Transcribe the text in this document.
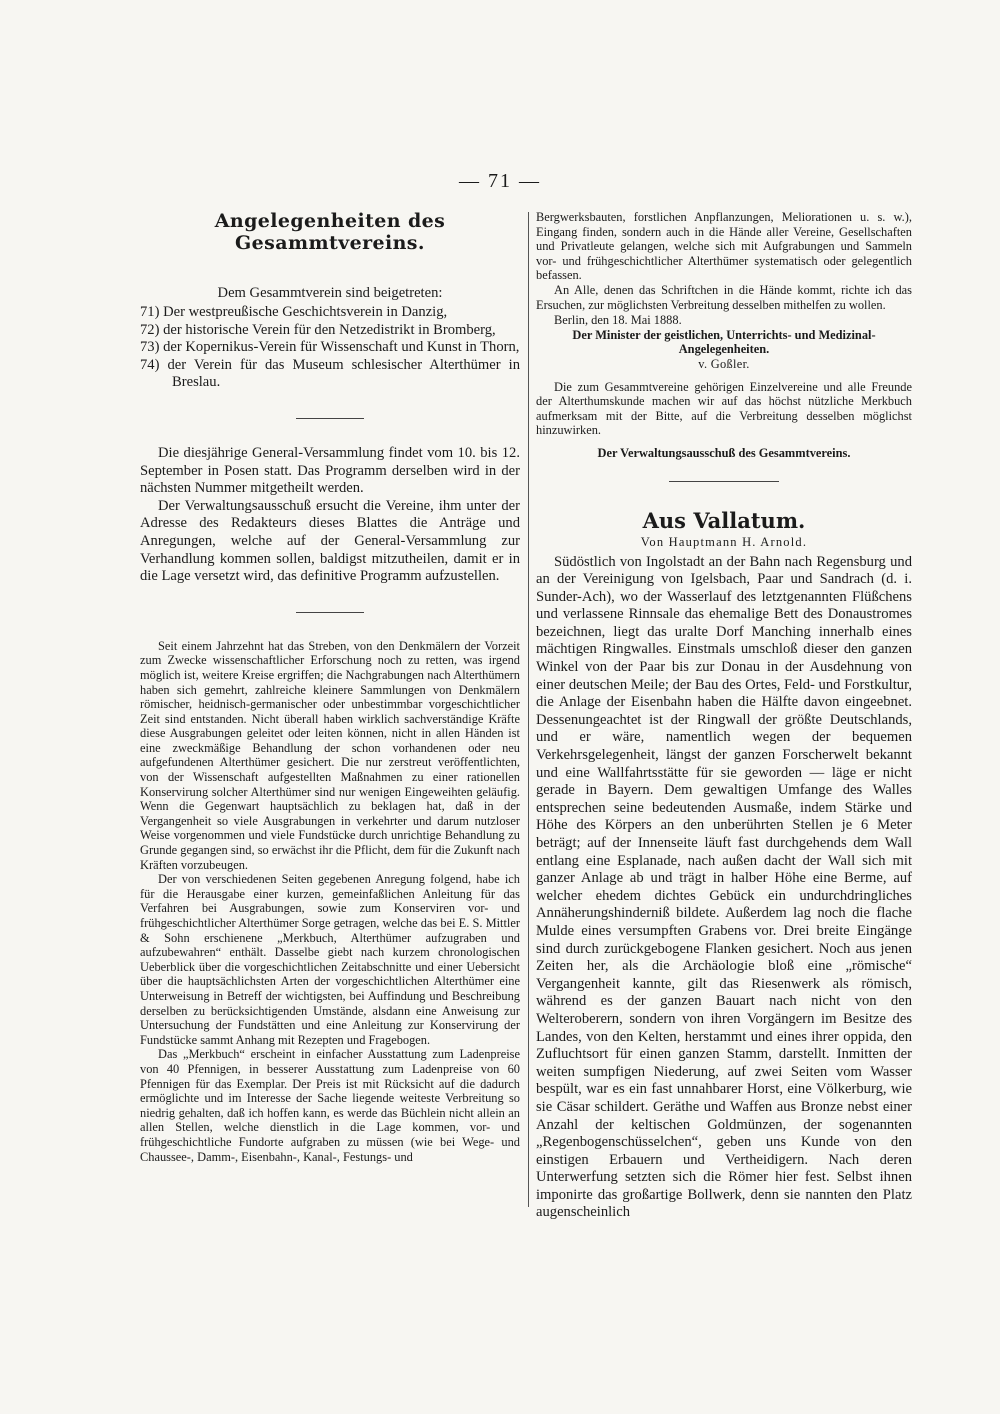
— 71 —
Angelegenheiten des Gesammtvereins.
Dem Gesammtverein sind beigetreten:
71) Der westpreußische Geschichtsverein in Danzig,
72) der historische Verein für den Netzedistrikt in Bromberg,
73) der Kopernikus-Verein für Wissenschaft und Kunst in Thorn,
74) der Verein für das Museum schlesischer Alterthümer in Breslau.

Die diesjährige General-Versammlung findet vom 10. bis 12. September in Posen statt. Das Programm derselben wird in der nächsten Nummer mitgetheilt werden.

Der Verwaltungsausschuß ersucht die Vereine, ihm unter der Adresse des Redakteurs dieses Blattes die Anträge und Anregungen, welche auf der General-Versammlung zur Verhandlung kommen sollen, baldigst mitzutheilen, damit er in die Lage versetzt wird, das definitive Programm aufzustellen.

Seit einem Jahrzehnt hat das Streben, von den Denkmälern der Vorzeit zum Zwecke wissenschaftlicher Erforschung noch zu retten, was irgend möglich ist, weitere Kreise ergriffen; die Nachgrabungen nach Alterthümern haben sich gemehrt, zahlreiche kleinere Sammlungen von Denkmälern römischer, heidnisch-germanischer oder unbestimmbar vorgeschichtlicher Zeit sind entstanden. Nicht überall haben wirklich sachverständige Kräfte diese Ausgrabungen geleitet oder leiten können, nicht in allen Händen ist eine zweckmäßige Behandlung der schon vorhandenen oder neu aufgefundenen Alterthümer gesichert. Die nur zerstreut veröffentlichten, von der Wissenschaft aufgestellten Maßnahmen zu einer rationellen Konservirung solcher Alterthümer sind nur wenigen Eingeweihten geläufig. Wenn die Gegenwart hauptsächlich zu beklagen hat, daß in der Vergangenheit so viele Ausgrabungen in verkehrter und darum nutzloser Weise vorgenommen und viele Fundstücke durch unrichtige Behandlung zu Grunde gegangen sind, so erwächst ihr die Pflicht, dem für die Zukunft nach Kräften vorzubeugen.

Der von verschiedenen Seiten gegebenen Anregung folgend, habe ich für die Herausgabe einer kurzen, gemeinfaßlichen Anleitung für das Verfahren bei Ausgrabungen, sowie zum Konserviren vor- und frühgeschichtlicher Alterthümer Sorge getragen, welche das bei E. S. Mittler & Sohn erschienene „Merkbuch, Alterthümer aufzugraben und aufzubewahren“ enthält. Dasselbe giebt nach kurzem chronologischen Ueberblick über die vorgeschichtlichen Zeitabschnitte und einer Uebersicht über die hauptsächlichsten Arten der vorgeschichtlichen Alterthümer eine Unterweisung in Betreff der wichtigsten, bei Auffindung und Beschreibung derselben zu berücksichtigenden Umstände, alsdann eine Anweisung zur Untersuchung der Fundstätten und eine Anleitung zur Konservirung der Fundstücke sammt Anhang mit Rezepten und Fragebogen.

Das „Merkbuch“ erscheint in einfacher Ausstattung zum Ladenpreise von 40 Pfennigen, in besserer Ausstattung zum Ladenpreise von 60 Pfennigen für das Exemplar. Der Preis ist mit Rücksicht auf die dadurch ermöglichte und im Interesse der Sache liegende weiteste Verbreitung so niedrig gehalten, daß ich hoffen kann, es werde das Büchlein nicht allein an allen Stellen, welche dienstlich in die Lage kommen, vor- und frühgeschichtliche Fundorte aufgraben zu müssen (wie bei Wege- und Chaussee-, Damm-, Eisenbahn-, Kanal-, Festungs- und

Bergwerksbauten, forstlichen Anpflanzungen, Meliorationen u. s. w.), Eingang finden, sondern auch in die Hände aller Vereine, Gesellschaften und Privatleute gelangen, welche sich mit Aufgrabungen und Sammeln vor- und frühgeschichtlicher Alterthümer systematisch oder gelegentlich befassen.

An Alle, denen das Schriftchen in die Hände kommt, richte ich das Ersuchen, zur möglichsten Verbreitung desselben mithelfen zu wollen.

Berlin, den 18. Mai 1888.
Der Minister der geistlichen, Unterrichts- und Medizinal-Angelegenheiten.
v. Goßler.

Die zum Gesammtvereine gehörigen Einzelvereine und alle Freunde der Alterthumskunde machen wir auf das höchst nützliche Merkbuch aufmerksam mit der Bitte, auf die Verbreitung desselben möglichst hinzuwirken.

Der Verwaltungsausschuß des Gesammtvereins.
Aus Vallatum.
Von Hauptmann H. Arnold.

Südöstlich von Ingolstadt an der Bahn nach Regensburg und an der Vereinigung von Igelsbach, Paar und Sandrach (d. i. Sunder-Ach), wo der Wasserlauf des letztgenannten Flüßchens und verlassene Rinnsale das ehemalige Bett des Donaustromes bezeichnen, liegt das uralte Dorf Manching innerhalb eines mächtigen Ringwalles. Einstmals umschloß dieser den ganzen Winkel von der Paar bis zur Donau in der Ausdehnung von einer deutschen Meile; der Bau des Ortes, Feld- und Forstkultur, die Anlage der Eisenbahn haben die Hälfte davon eingeebnet. Dessenungeachtet ist der Ringwall der größte Deutschlands, und er wäre, namentlich wegen der bequemen Verkehrsgelegenheit, längst der ganzen Forscherwelt bekannt und eine Wallfahrtsstätte für sie geworden — läge er nicht gerade in Bayern. Dem gewaltigen Umfange des Walles entsprechen seine bedeutenden Ausmaße, indem Stärke und Höhe des Körpers an den unberührten Stellen je 6 Meter beträgt; auf der Innenseite läuft fast durchgehends dem Wall entlang eine Esplanade, nach außen dacht der Wall sich mit ganzer Anlage ab und trägt in halber Höhe eine Berme, auf welcher ehedem dichtes Gebück ein undurchdringliches Annäherungshinderniß bildete. Außerdem lag noch die flache Mulde eines versumpften Grabens vor. Drei breite Eingänge sind durch zurückgebogene Flanken gesichert. Noch aus jenen Zeiten her, als die Archäologie bloß eine „römische“ Vergangenheit kannte, gilt das Riesenwerk als römisch, während es der ganzen Bauart nach nicht von den Welteroberern, sondern von ihren Vorgängern im Besitze des Landes, von den Kelten, herstammt und eines ihrer oppida, den Zufluchtsort für einen ganzen Stamm, darstellt. Inmitten der weiten sumpfigen Niederung, auf zwei Seiten vom Wasser bespült, war es ein fast unnahbarer Horst, eine Völkerburg, wie sie Cäsar schildert. Geräthe und Waffen aus Bronze nebst einer Anzahl der keltischen Goldmünzen, der sogenannten „Regenbogenschüsselchen“, geben uns Kunde von den einstigen Erbauern und Vertheidigern. Nach deren Unterwerfung setzten sich die Römer hier fest. Selbst ihnen imponirte das großartige Bollwerk, denn sie nannten den Platz augenscheinlich
